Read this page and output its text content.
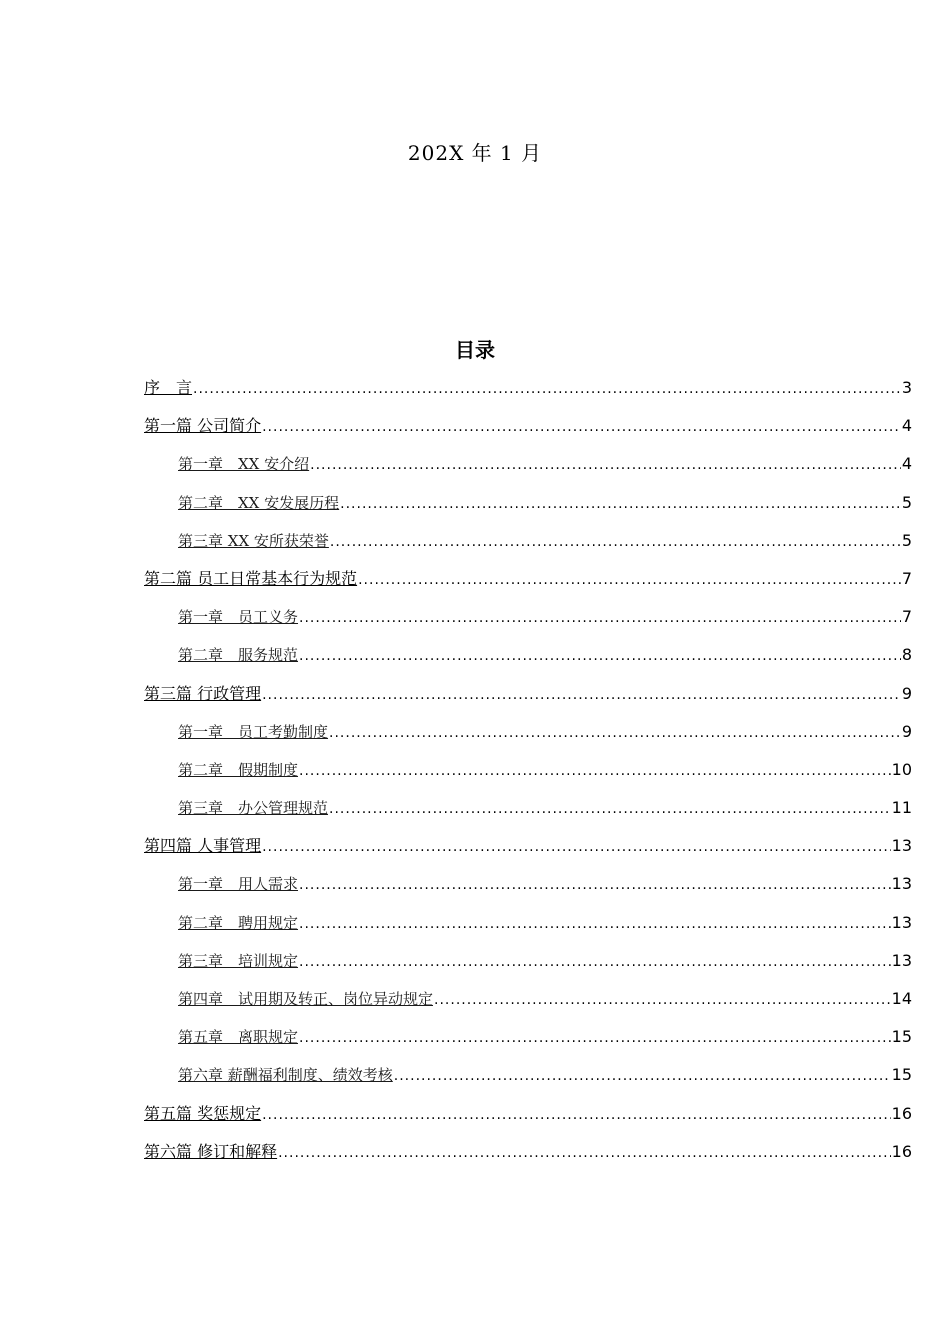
202X 年 1 月
目录
序　言 .....	3
第一篇 公司简介 .....	4
第一章　XX 安介绍 .....	4
第二章　XX 安发展历程 .....	5
第三章 XX 安所获荣誉 .....	5
第二篇 员工日常基本行为规范 .....	7
第一章　员工义务 .....	7
第二章　服务规范 .....	8
第三篇 行政管理 .....	9
第一章　员工考勤制度 .....	9
第二章　假期制度 .....	10
第三章　办公管理规范 .....	11
第四篇 人事管理 .....	13
第一章　用人需求 .....	13
第二章　聘用规定 .....	13
第三章　培训规定 .....	13
第四章　试用期及转正、岗位异动规定 .....	14
第五章　离职规定 .....	15
第六章 薪酬福利制度、绩效考核 .....	15
第五篇 奖惩规定 .....	16
第六篇 修订和解释 .....	16
